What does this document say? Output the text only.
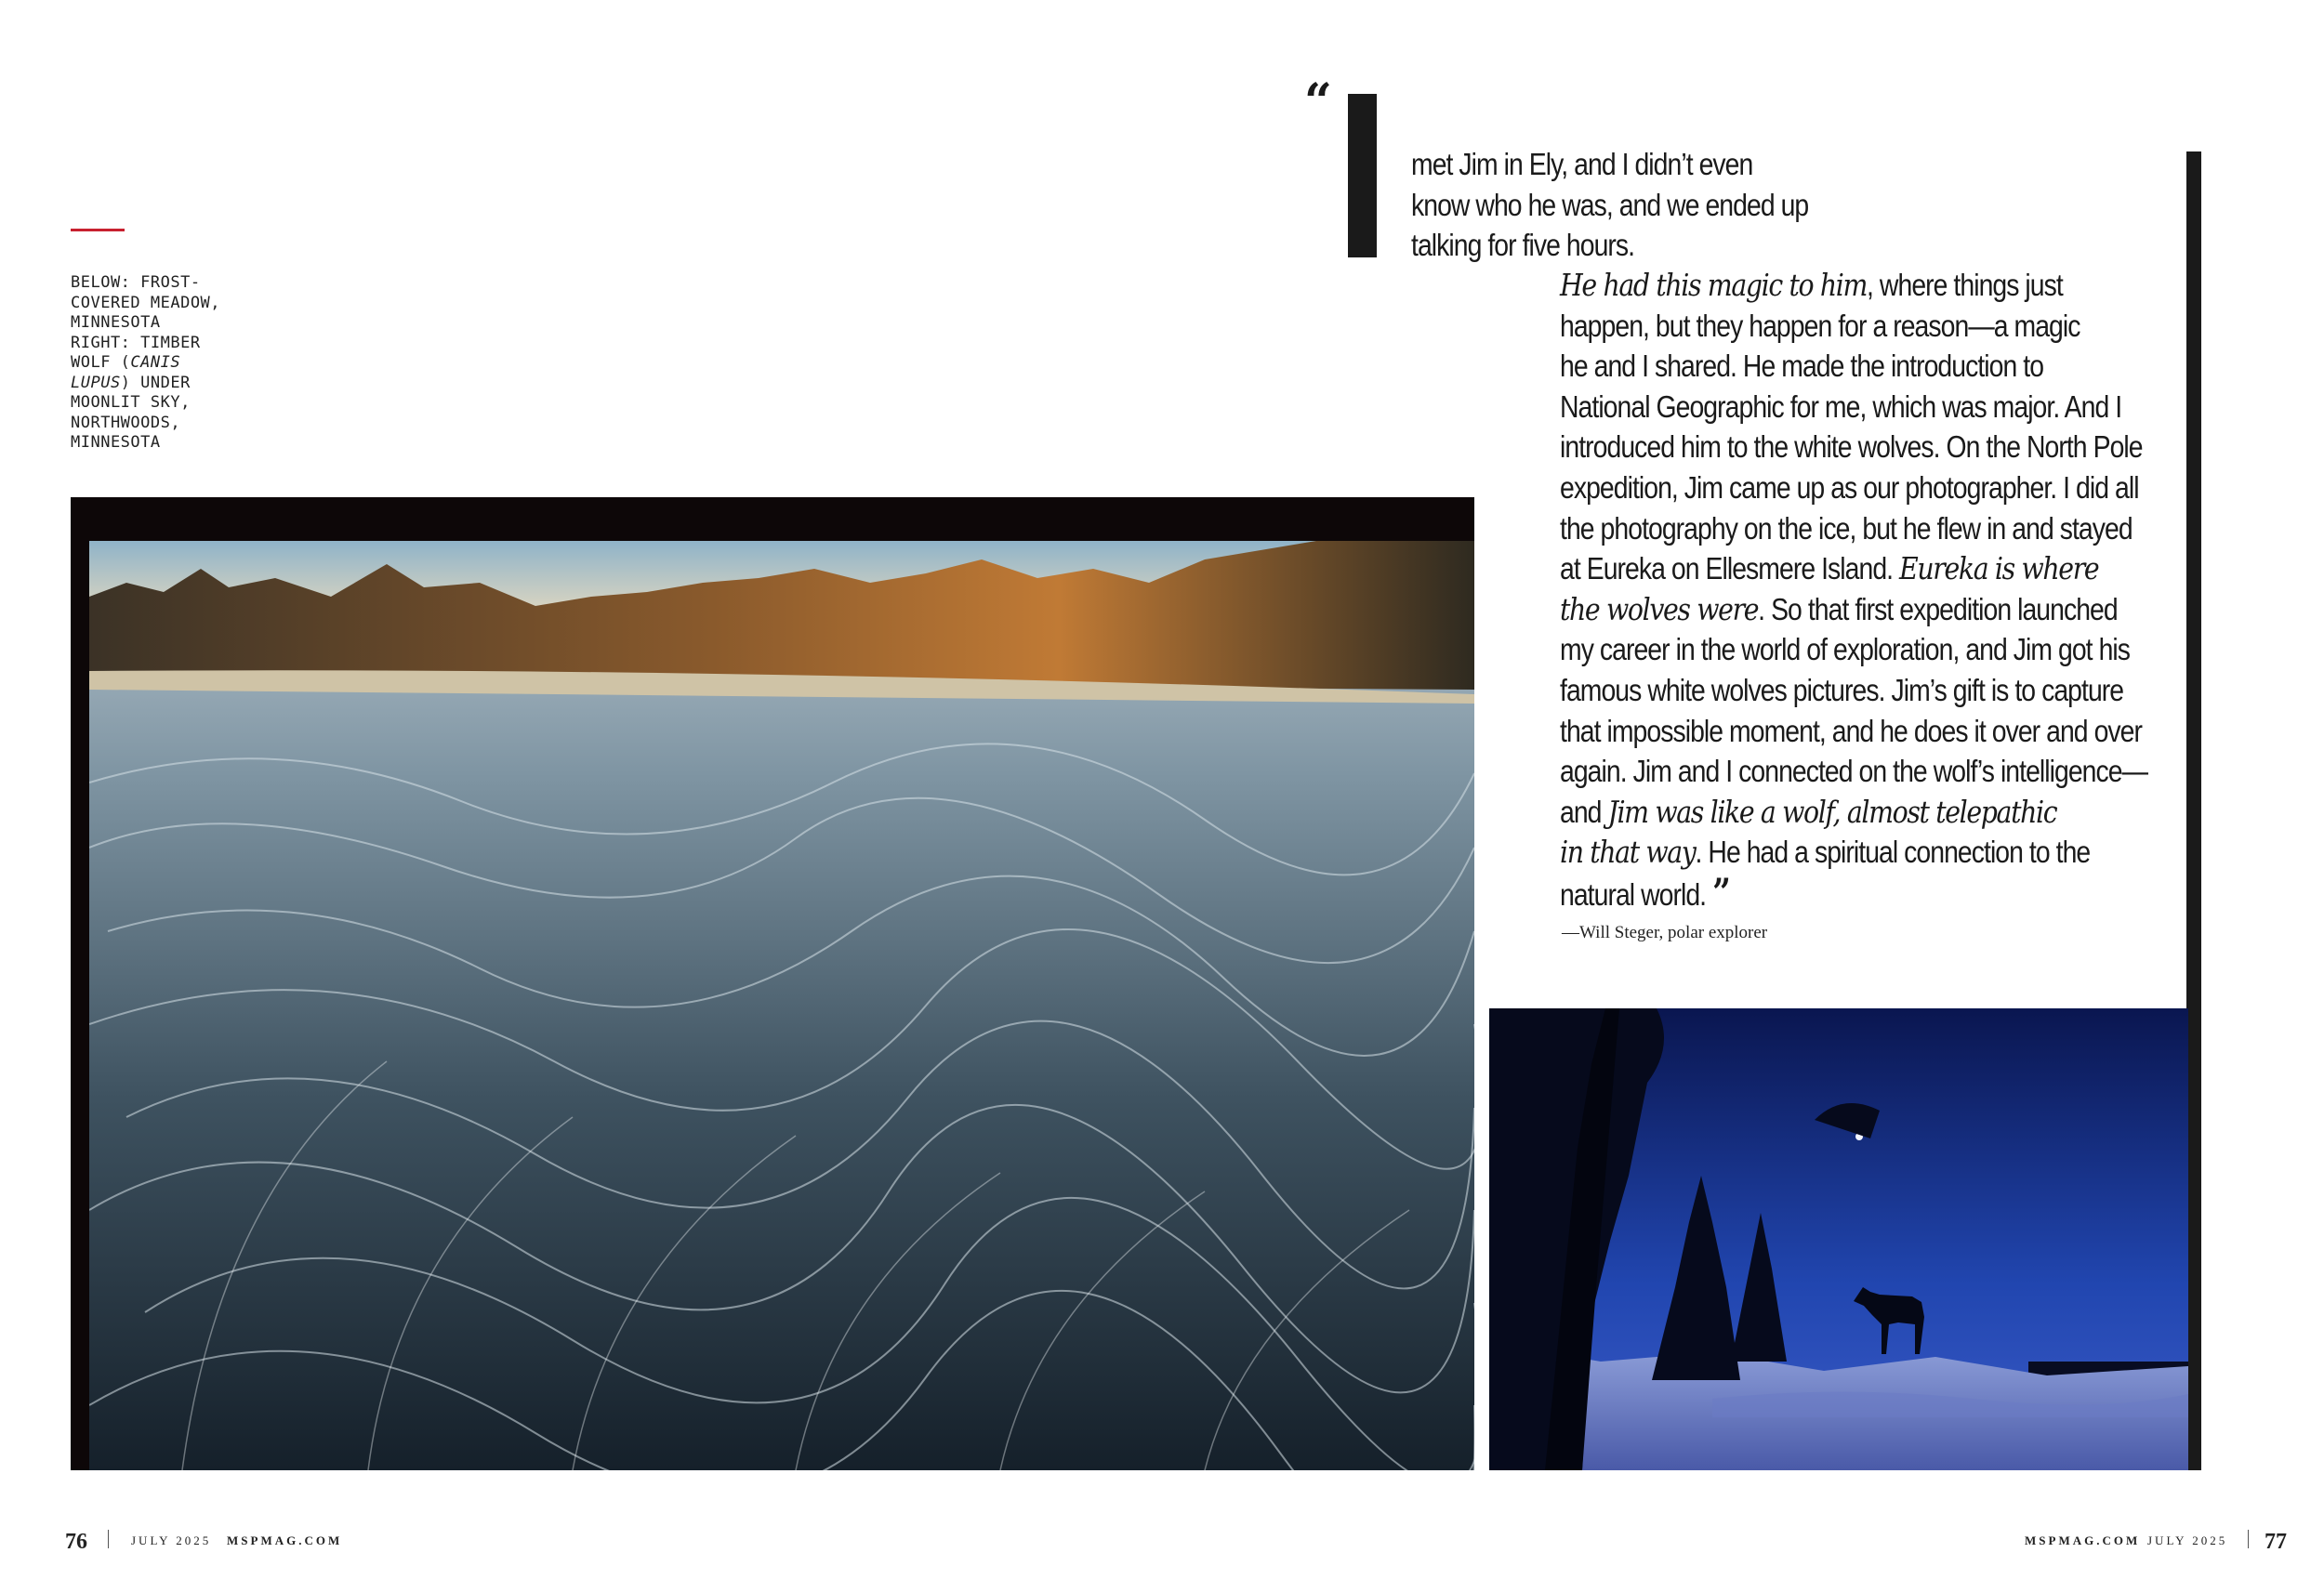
BELOW: FROST-
COVERED MEADOW,
MINNESOTA
RIGHT: TIMBER
WOLF (CANIS
LUPUS) UNDER
MOONLIT SKY,
NORTHWOODS,
MINNESOTA
“
met Jim in Ely, and I didn’t even
know who he was, and we ended up
talking for five hours.
He had this magic to him, where things just
happen, but they happen for a reason—a magic
he and I shared. He made the introduction to
National Geographic for me, which was major. And I
introduced him to the white wolves. On the North Pole
expedition, Jim came up as our photographer. I did all
the photography on the ice, but he flew in and stayed
at Eureka on Ellesmere Island. Eureka is where
the wolves were. So that first expedition launched
my career in the world of exploration, and Jim got his
famous white wolves pictures. Jim’s gift is to capture
that impossible moment, and he does it over and over
again. Jim and I connected on the wolf’s intelligence—
and Jim was like a wolf, almost telepathic
in that way. He had a spiritual connection to the
natural world. ”
—Will Steger, polar explorer
76	JULY 2025 MSPMAG.COM	MSPMAG.COM JULY 2025 77
